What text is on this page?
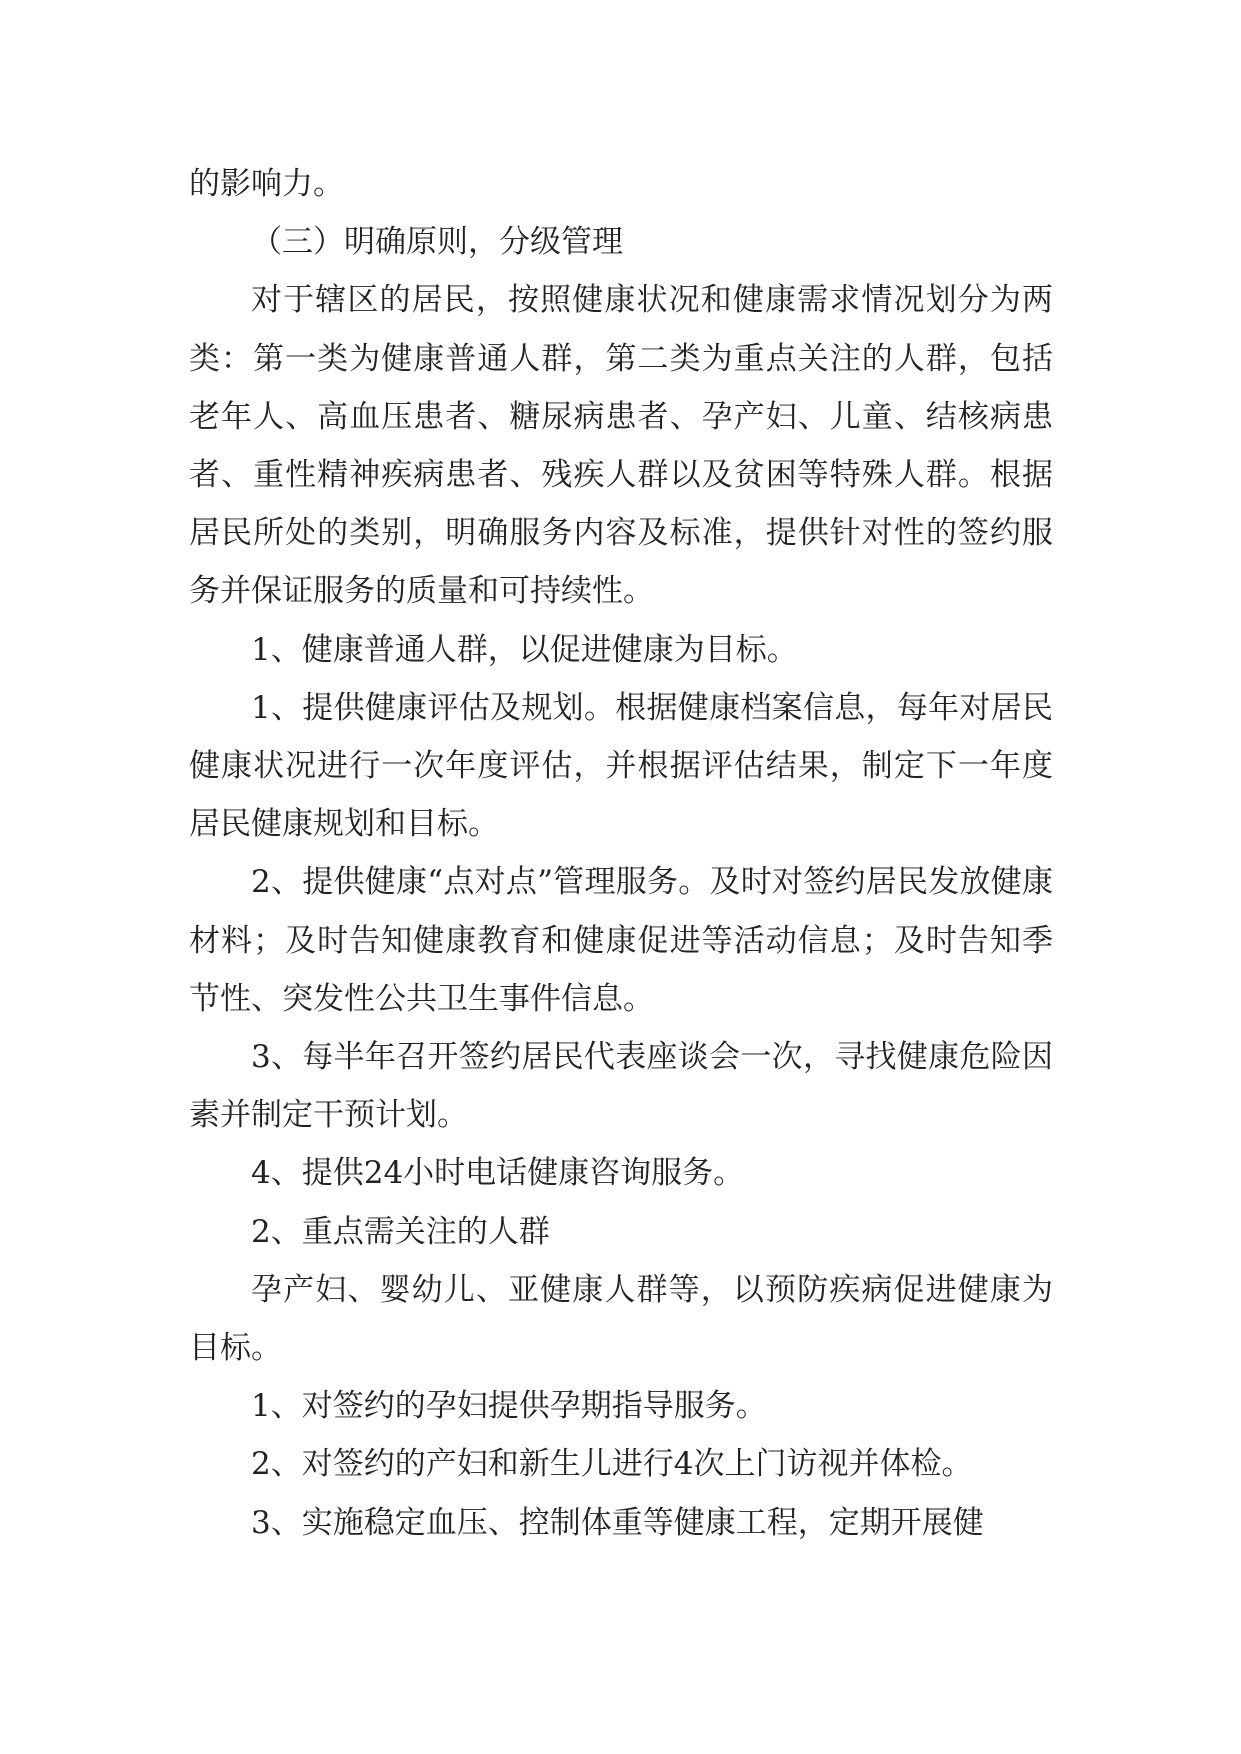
的影响力。

（三）明确原则，分级管理

对于辖区的居民，按照健康状况和健康需求情况划分为两类：第一类为健康普通人群，第二类为重点关注的人群，包括老年人、高血压患者、糖尿病患者、孕产妇、儿童、结核病患者、重性精神疾病患者、残疾人群以及贫困等特殊人群。根据居民所处的类别，明确服务内容及标准，提供针对性的签约服务并保证服务的质量和可持续性。

1、健康普通人群，以促进健康为目标。

1、提供健康评估及规划。根据健康档案信息，每年对居民健康状况进行一次年度评估，并根据评估结果，制定下一年度居民健康规划和目标。

2、提供健康“点对点”管理服务。及时对签约居民发放健康材料；及时告知健康教育和健康促进等活动信息；及时告知季节性、突发性公共卫生事件信息。

3、每半年召开签约居民代表座谈会一次，寻找健康危险因素并制定干预计划。

4、提供24小时电话健康咨询服务。

2、重点需关注的人群

孕产妇、婴幼儿、亚健康人群等，以预防疾病促进健康为目标。

1、对签约的孕妇提供孕期指导服务。

2、对签约的产妇和新生儿进行4次上门访视并体检。

3、实施稳定血压、控制体重等健康工程，定期开展健
